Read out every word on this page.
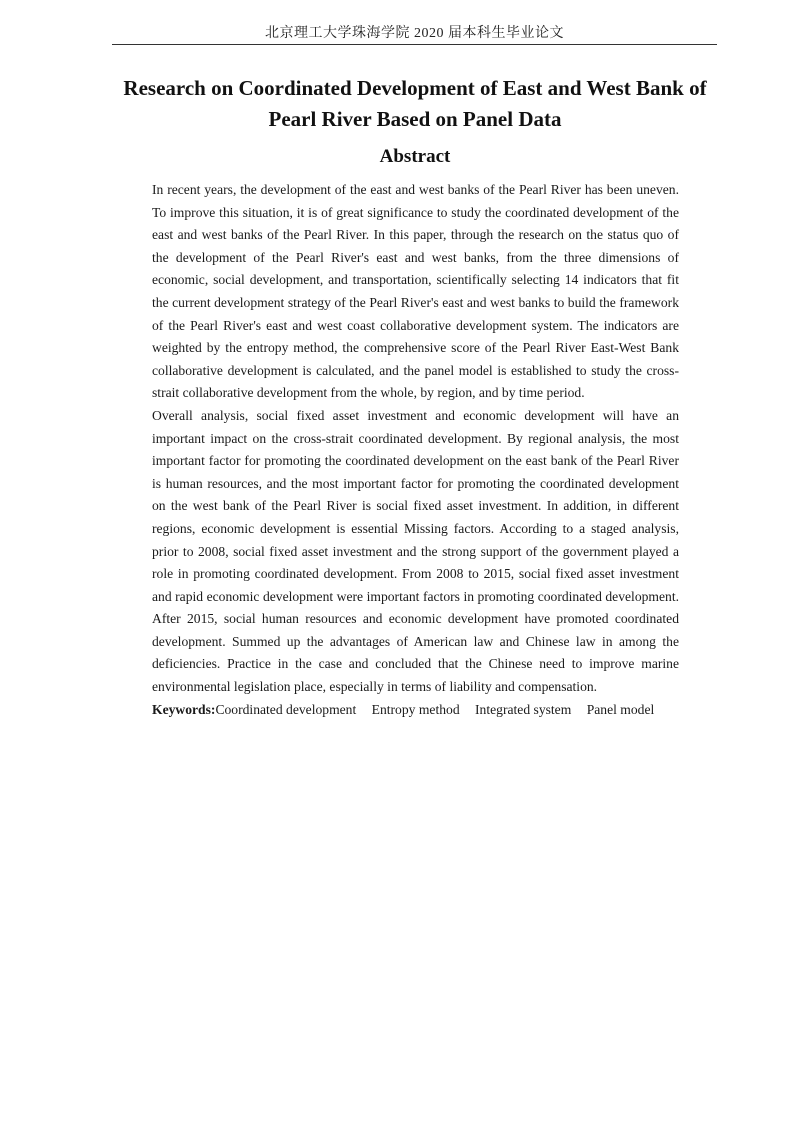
北京理工大学珠海学院 2020 届本科生毕业论文
Research on Coordinated Development of East and West Bank of
Pearl River Based on Panel Data
Abstract

In recent years, the development of the east and west banks of the Pearl River has been uneven. To improve this situation, it is of great significance to study the coordinated development of the east and west banks of the Pearl River. In this paper, through the research on the status quo of the development of the Pearl River's east and west banks, from the three dimensions of economic, social development, and transportation, scientifically selecting 14 indicators that fit the current development strategy of the Pearl River's east and west banks to build the framework of the Pearl River's east and west coast collaborative development system. The indicators are weighted by the entropy method, the comprehensive score of the Pearl River East-West Bank collaborative development is calculated, and the panel model is established to study the cross-strait collaborative development from the whole, by region, and by time period.

Overall analysis, social fixed asset investment and economic development will have an important impact on the cross-strait coordinated development. By regional analysis, the most important factor for promoting the coordinated development on the east bank of the Pearl River is human resources, and the most important factor for promoting the coordinated development on the west bank of the Pearl River is social fixed asset investment. In addition, in different regions, economic development is essential Missing factors. According to a staged analysis, prior to 2008, social fixed asset investment and the strong support of the government played a role in promoting coordinated development. From 2008 to 2015, social fixed asset investment and rapid economic development were important factors in promoting coordinated development. After 2015, social human resources and economic development have promoted coordinated development. Summed up the advantages of American law and Chinese law in among the deficiencies. Practice in the case and concluded that the Chinese need to improve marine environmental legislation place, especially in terms of liability and compensation.

Keywords:Coordinated development Entropy method Integrated system Panel model
